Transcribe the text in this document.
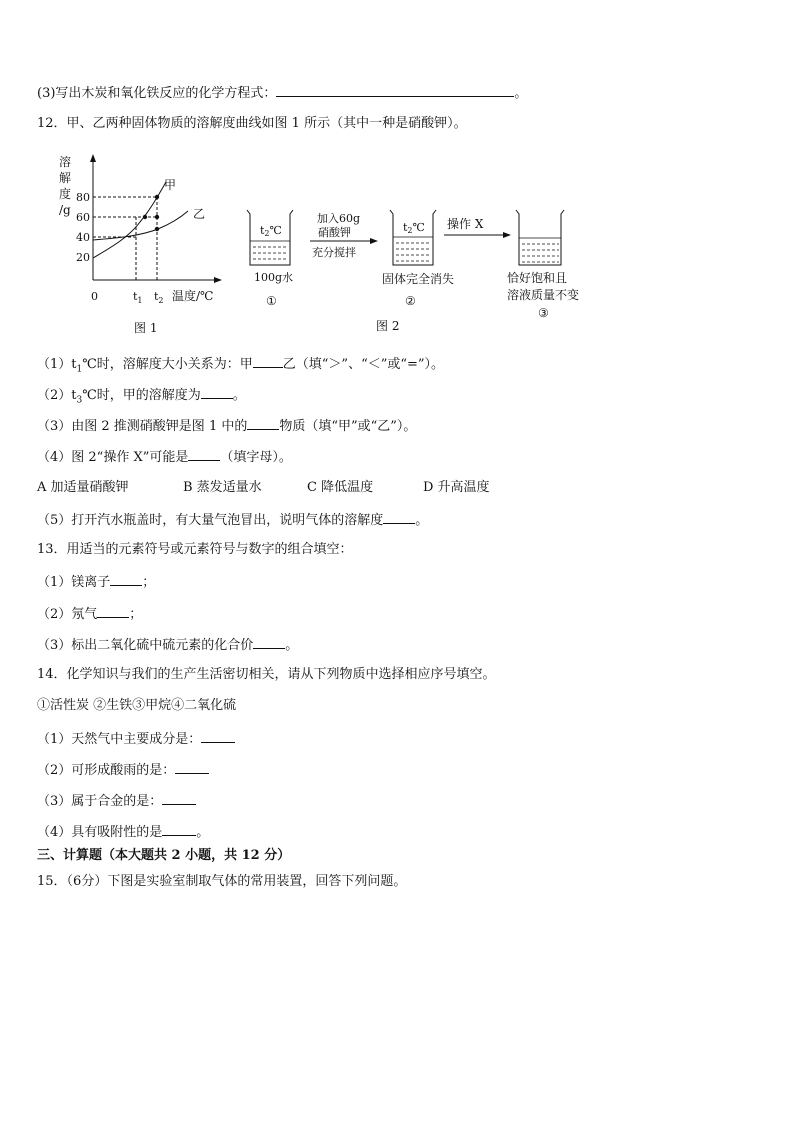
(3)写出木炭和氧化铁反应的化学方程式：	。
12．甲、乙两种固体物质的溶解度曲线如图 1 所示（其中一种是硝酸钾）。
溶
解
度
/g
80
60
40
20
0	$t_1$ $t_2$ 温度/℃
甲
乙
图 1
t2℃
100g水
①
加入60g
硝酸钾
充分搅拌
t2℃
固体完全消失
②
操作 X
恰好饱和且
溶液质量不变
③
图 2
$(1)t_1℃$时，溶解度大小关系为：甲 乙（填“＞”、“＜”或“=”）。
$(2)t_3℃$时，甲的溶解度为 。
（3）由图 2 推测硝酸钾是图 1 中的 物质（填“甲”或“乙”）。
（4）图 2“操作 X”可能是 （填字母）。
A 加适量硝酸钾	B 蒸发适量水	C 降低温度	D 升高温度
（5）打开汽水瓶盖时，有大量气泡冒出，说明气体的溶解度 。
13．用适当的元素符号或元素符号与数字的组合填空：
（1）镁离子 ；
（2）氖气 ；
（3）标出二氧化硫中硫元素的化合价 。
14．化学知识与我们的生产生活密切相关，请从下列物质中选择相应序号填空。
①活性炭 ②生铁③甲烷④二氧化硫
（1）天然气中主要成分是：
（2）可形成酸雨的是：
（3）属于合金的是：
（4）具有吸附性的是	。
三、计算题（本大题共 2 小题，共 12 分）
15．（6分）下图是实验室制取气体的常用装置，回答下列问题。
